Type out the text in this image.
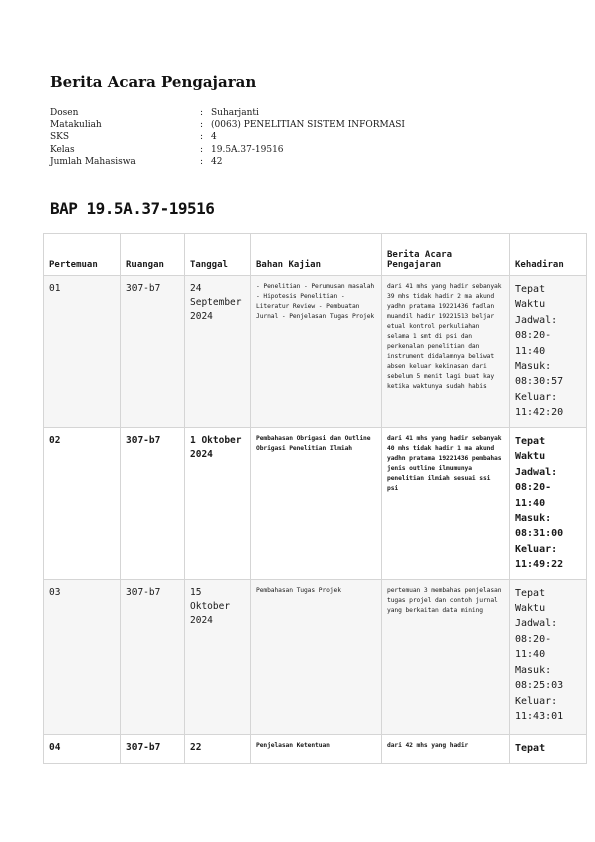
Berita Acara Pengajaran
Dosen	: Suharjanti
Matakuliah	: (0063) PENELITIAN SISTEM INFORMASI
SKS	: 4
Kelas	: 19.5A.37-19516
Jumlah Mahasiswa	: 42
BAP 19.5A.37-19516
Pertemuan	Ruangan	Tanggal	Bahan Kajian	Berita Acara Pengajaran	Kehadiran
01	307-b7	24 September 2024	- Penelitian - Perumusan masalah - Hipotesis Penelitian - Literatur Review - Pembuatan Jurnal - Penjelasan Tugas Projek	dari 41 mhs yang hadir sebanyak 39 mhs tidak hadir 2 ma akund yadhn pratama 19221436 fadlan muandil hadir 19221513 beljar etual kontrol perkuliahan selama 1 smt di psi dan perkenalan penelitian dan instrument didalamnya beliwat absen keluar kekinasan dari sebelum 5 menit lagi buat kay ketika waktunya sudah habis	Tepat Waktu Jadwal: 08:20-11:40 Masuk: 08:30:57 Keluar: 11:42:20
02	307-b7	1 Oktober 2024	Pembahasan Obrigasi dan Outline Obrigasi Penelitian Ilmiah	dari 41 mhs yang hadir sebanyak 40 mhs tidak hadir 1 ma akund yadhn pratama 19221436 pembahas jenis outline ilmumunya penelitian ilmiah sesuai ssi psi	Tepat Waktu Jadwal: 08:20-11:40 Masuk: 08:31:00 Keluar: 11:49:22
03	307-b7	15 Oktober 2024	Pembahasan Tugas Projek	pertemuan 3 membahas penjelasan tugas projel dan contoh jurnal yang berkaitan data mining	Tepat Waktu Jadwal: 08:20-11:40 Masuk: 08:25:03 Keluar: 11:43:01
04	307-b7	22	Penjelasan Ketentuan	dari 42 mhs yang hadir	Tepat
